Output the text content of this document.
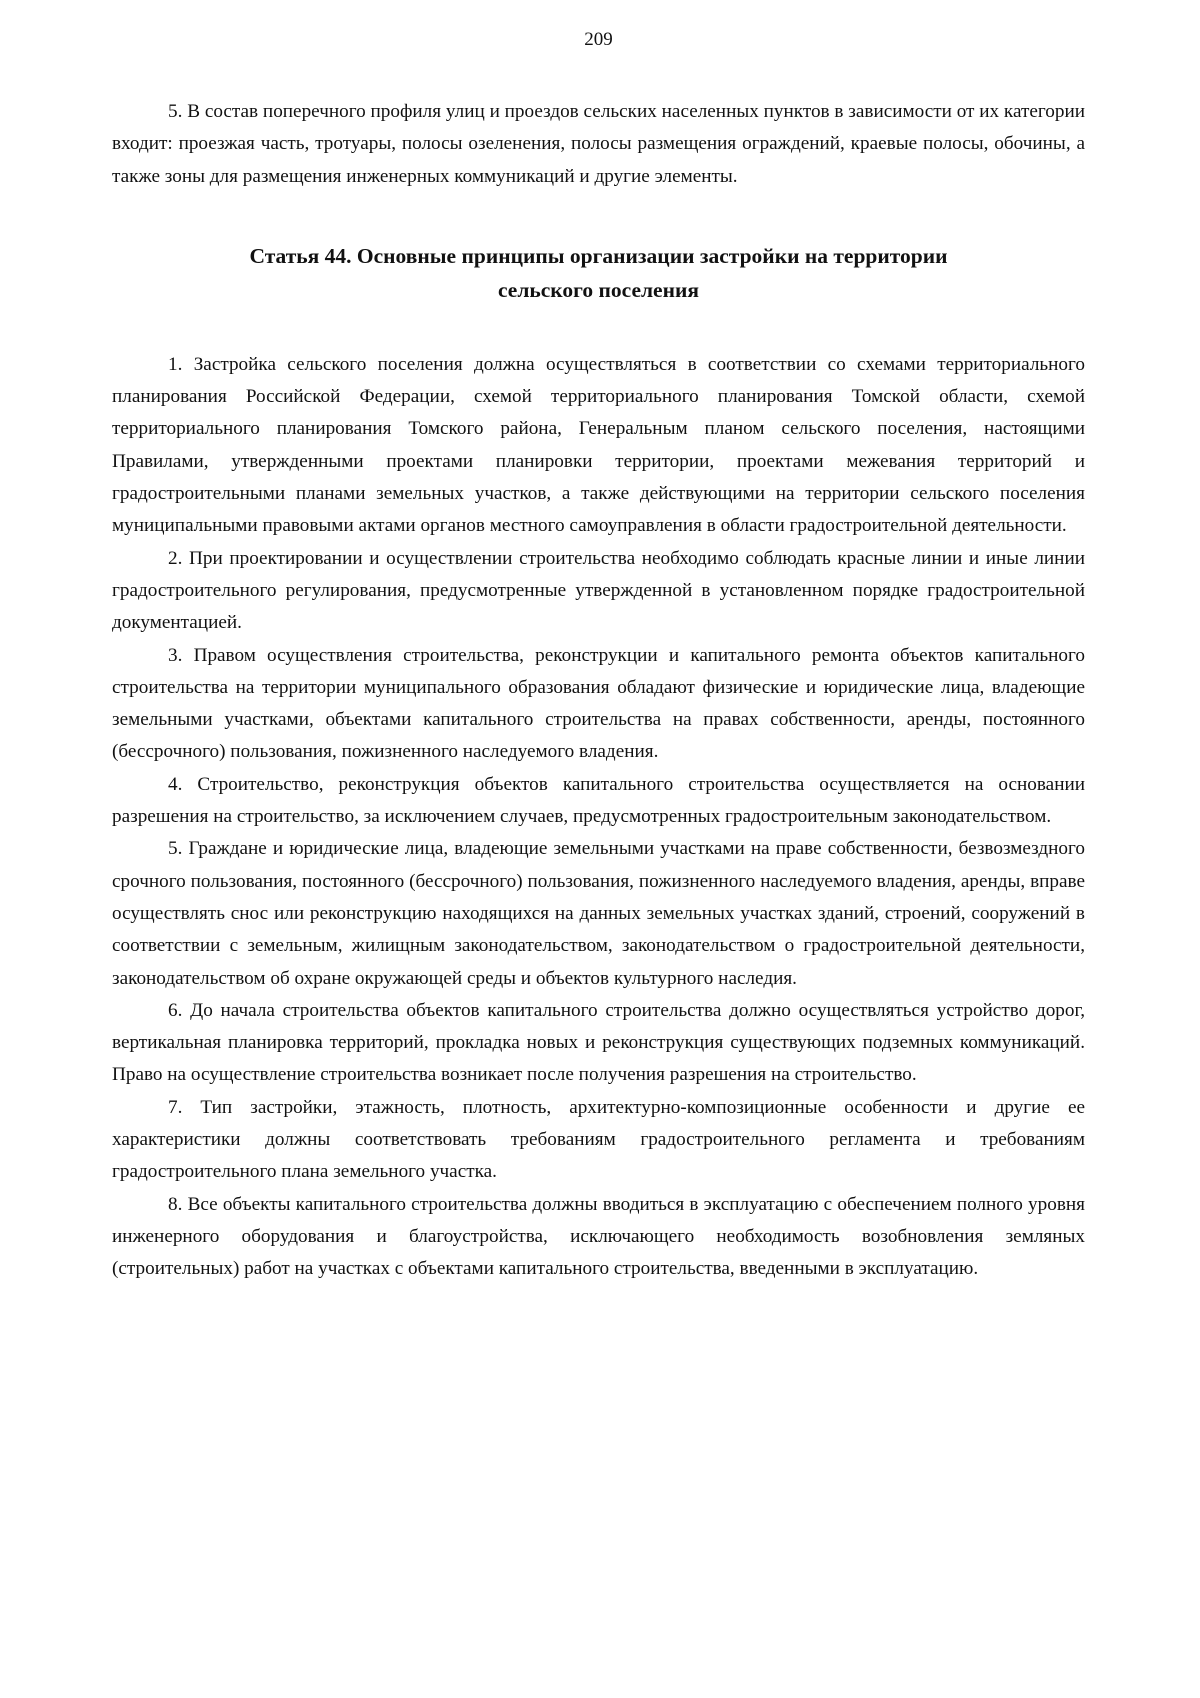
209

5. В состав поперечного профиля улиц и проездов сельских населенных пунктов в зависимости от их категории входит: проезжая часть, тротуары, полосы озеленения, полосы размещения ограждений, краевые полосы, обочины, а также зоны для размещения инженерных коммуникаций и другие элементы.

Статья 44. Основные принципы организации застройки на территории
сельского поселения

1. Застройка сельского поселения должна осуществляться в соответствии со схемами территориального планирования Российской Федерации, схемой территориального планирования Томской области, схемой территориального планирования Томского района, Генеральным планом сельского поселения, настоящими Правилами, утвержденными проектами планировки территории, проектами межевания территорий и градостроительными планами земельных участков, а также действующими на территории сельского поселения муниципальными правовыми актами органов местного самоуправления в области градостроительной деятельности.

2. При проектировании и осуществлении строительства необходимо соблюдать красные линии и иные линии градостроительного регулирования, предусмотренные утвержденной в установленном порядке градостроительной документацией.

3. Правом осуществления строительства, реконструкции и капитального ремонта объектов капитального строительства на территории муниципального образования обладают физические и юридические лица, владеющие земельными участками, объектами капитального строительства на правах собственности, аренды, постоянного (бессрочного) пользования, пожизненного наследуемого владения.

4. Строительство, реконструкция объектов капитального строительства осуществляется на основании разрешения на строительство, за исключением случаев, предусмотренных градостроительным законодательством.

5. Граждане и юридические лица, владеющие земельными участками на праве собственности, безвозмездного срочного пользования, постоянного (бессрочного) пользования, пожизненного наследуемого владения, аренды, вправе осуществлять снос или реконструкцию находящихся на данных земельных участках зданий, строений, сооружений в соответствии с земельным, жилищным законодательством, законодательством о градостроительной деятельности, законодательством об охране окружающей среды и объектов культурного наследия.

6. До начала строительства объектов капитального строительства должно осуществляться устройство дорог, вертикальная планировка территорий, прокладка новых и реконструкция существующих подземных коммуникаций. Право на осуществление строительства возникает после получения разрешения на строительство.

7. Тип застройки, этажность, плотность, архитектурно-композиционные особенности и другие ее характеристики должны соответствовать требованиям градостроительного регламента и требованиям градостроительного плана земельного участка.

8. Все объекты капитального строительства должны вводиться в эксплуатацию с обеспечением полного уровня инженерного оборудования и благоустройства, исключающего необходимость возобновления земляных (строительных) работ на участках с объектами капитального строительства, введенными в эксплуатацию.
